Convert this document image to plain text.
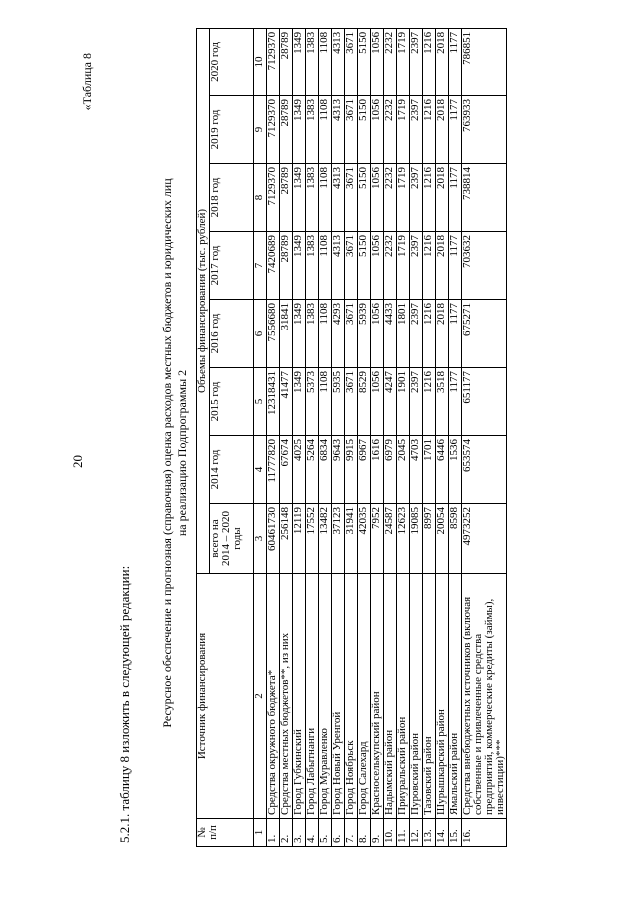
20
«Таблица 8
5.2.1. таблицу 8 изложить в следующей редакции: Ресурсное обеспечение и прогнозная (справочная) оценка расходов местных бюджетов и юридических лиц на реализацию Подпрограммы 2
№ п/п	Источник финансирования	Объемы финансирования (тыс. рублей)							
		всего на 2014 – 2020 годы	2014 год	2015 год	2016 год	2017 год	2018 год	2019 год	2020 год
1	2	3	4	5	6	7	8	9	10
1.	Средства окружного бюджета*	60461730	11777820	12318431	7556680	7420689	7129370	7129370	7129370
2.	Средства местных бюджетов**, из них	256148	67674	41477	31841	28789	28789	28789	28789
3.	Город Губкинский	12119	4025	1349	1349	1349	1349	1349	1349
4.	Город Лабытнанги	17552	5264	5373	1383	1383	1383	1383	1383
5.	Город Муравленко	13482	6834	1108	1108	1108	1108	1108	1108
6.	Город Новый Уренгой	37123	9643	5935	4293	4313	4313	4313	4313
7.	Город Ноябрьск	31941	9915	3671	3671	3671	3671	3671	3671
8.	Город Салехард	42035	6967	8529	5939	5150	5150	5150	5150
9.	Красноселькупский район	7952	1616	1056	1056	1056	1056	1056	1056
10.	Надымский район	24587	6979	4247	4433	2232	2232	2232	2232
11.	Приуральский район	12623	2045	1901	1801	1719	1719	1719	1719
12.	Пуровский район	19085	4703	2397	2397	2397	2397	2397	2397
13.	Тазовский район	8997	1701	1216	1216	1216	1216	1216	1216
14.	Шурышкарский район	20054	6446	3518	2018	2018	2018	2018	2018
15.	Ямальский район	8598	1536	1177	1177	1177	1177	1177	1177
16.	Средства внебюджетных источников (включая собственные и привлеченные средства предприятий, коммерческие кредиты (займы), инвестиции)***	4973252	653574	651177	675271	703632	738814	763933	786851
